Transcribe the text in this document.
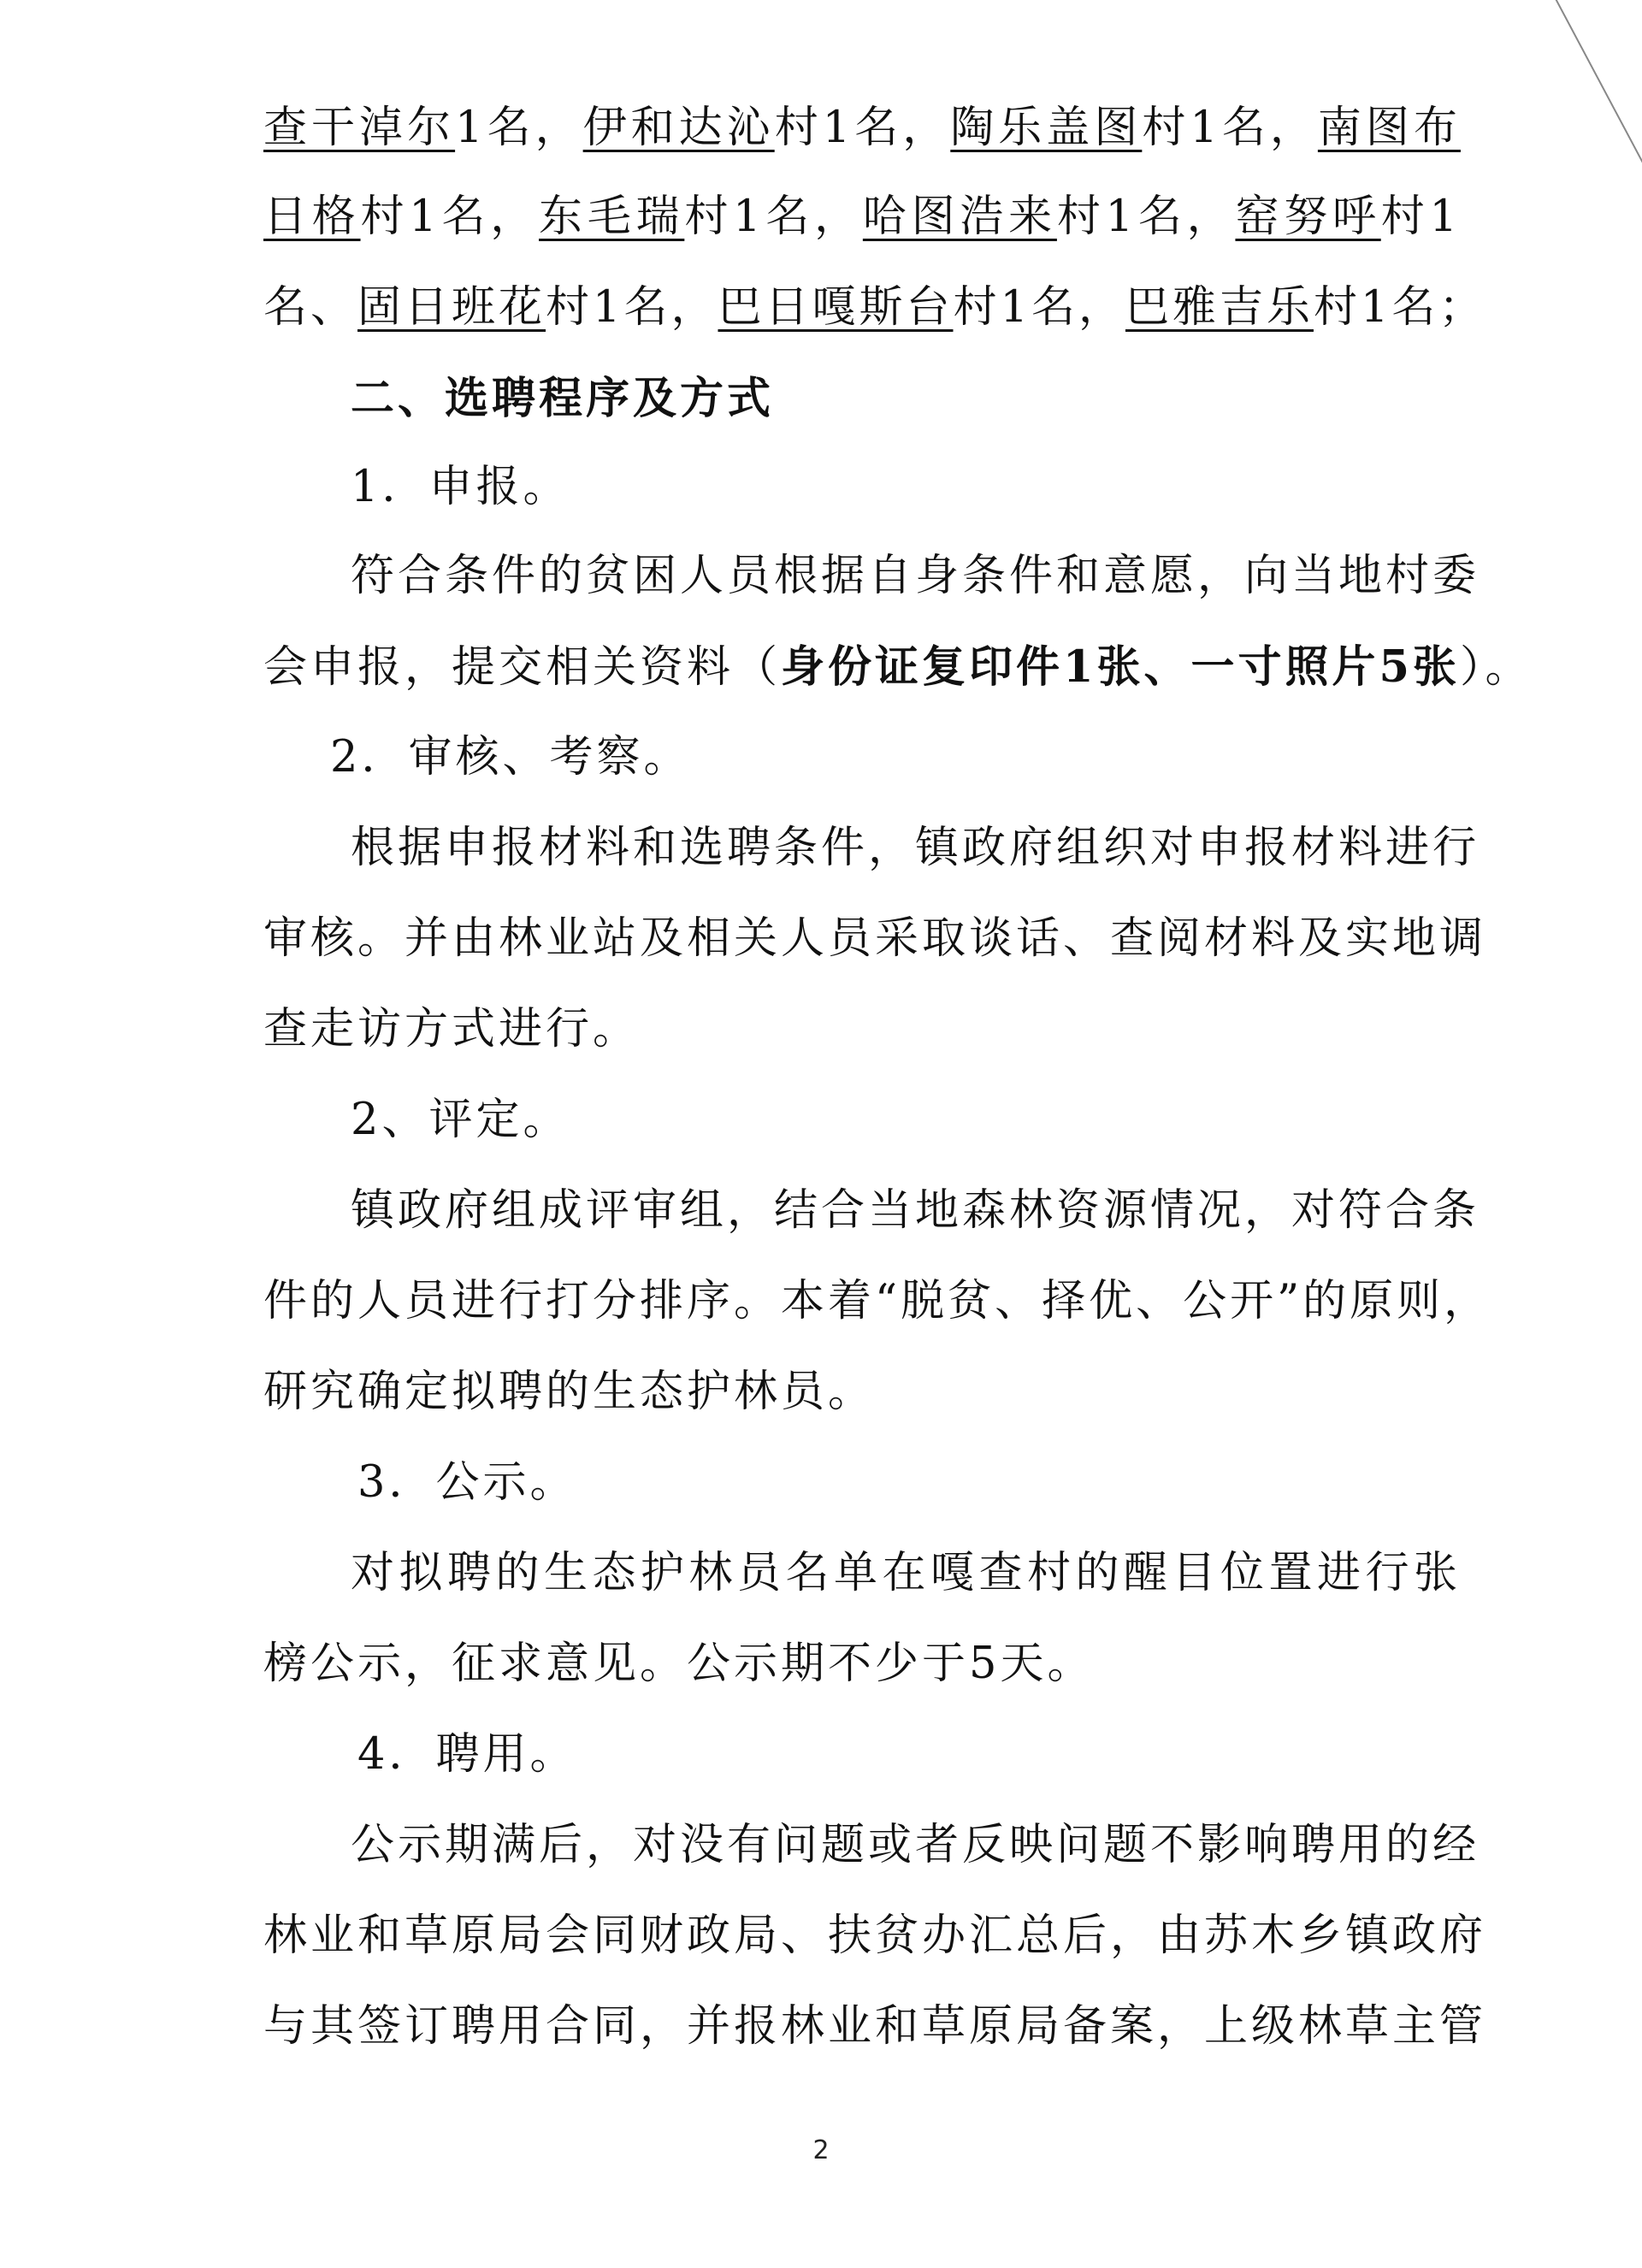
查干淖尔1名，伊和达沁村1名，陶乐盖图村1名，南图布
日格村1名，东毛瑞村1名，哈图浩来村1名，窑努呼村1
名、固日班花村1名，巴日嘎斯台村1名，巴雅吉乐村1名；
二、选聘程序及方式
1．申报。
符合条件的贫困人员根据自身条件和意愿，向当地村委
会申报，提交相关资料（身份证复印件1张、一寸照片5张）。
2．审核、考察。
根据申报材料和选聘条件，镇政府组织对申报材料进行
审核。并由林业站及相关人员采取谈话、查阅材料及实地调
查走访方式进行。
2、评定。
镇政府组成评审组，结合当地森林资源情况，对符合条
件的人员进行打分排序。本着“脱贫、择优、公开”的原则，
研究确定拟聘的生态护林员。
3．公示。
对拟聘的生态护林员名单在嘎查村的醒目位置进行张
榜公示，征求意见。公示期不少于5天。
4．聘用。
公示期满后，对没有问题或者反映问题不影响聘用的经
林业和草原局会同财政局、扶贫办汇总后，由苏木乡镇政府
与其签订聘用合同，并报林业和草原局备案，上级林草主管
2
